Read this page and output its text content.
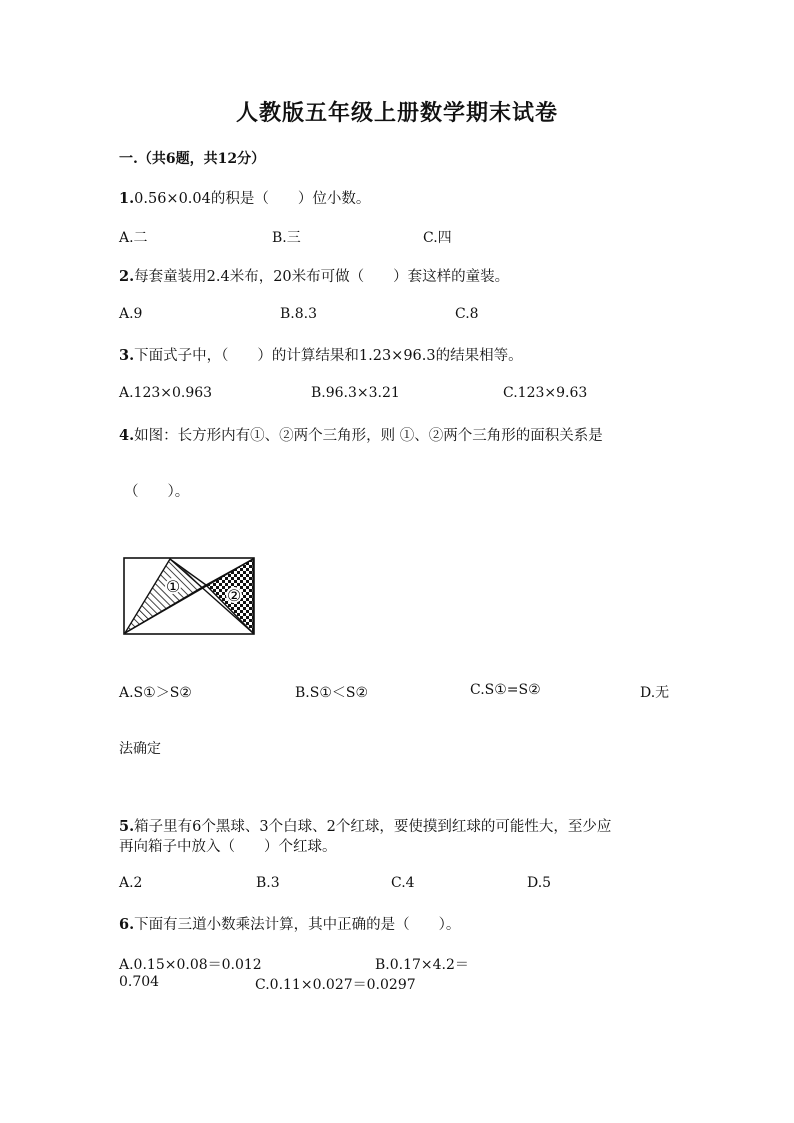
人教版五年级上册数学期末试卷
一.（共6题，共12分）
1.0.56×0.04的积是（　　）位小数。
A.二	B.三	C.四
2.每套童装用2.4米布，20米布可做（　　）套这样的童装。
A.9	B.8.3	C.8
3.下面式子中，（　　）的计算结果和1.23×96.3的结果相等。
A.123×0.963	B.96.3×3.21	C.123×9.63
4.如图：长方形内有①、②两个三角形，则 ①、②两个三角形的面积关系是
（　　）。
①	②
A.S①＞S②	B.S①＜S②	C.S①=S②	D.无
法确定
5.箱子里有6个黑球、3个白球、2个红球，要使摸到红球的可能性大，至少应
再向箱子中放入（　　）个红球。
A.2	B.3	C.4	D.5
6.下面有三道小数乘法计算，其中正确的是（　　）。
A.0.15×0.08＝0.012	B.0.17×4.2＝
0.704	C.0.11×0.027＝0.0297
